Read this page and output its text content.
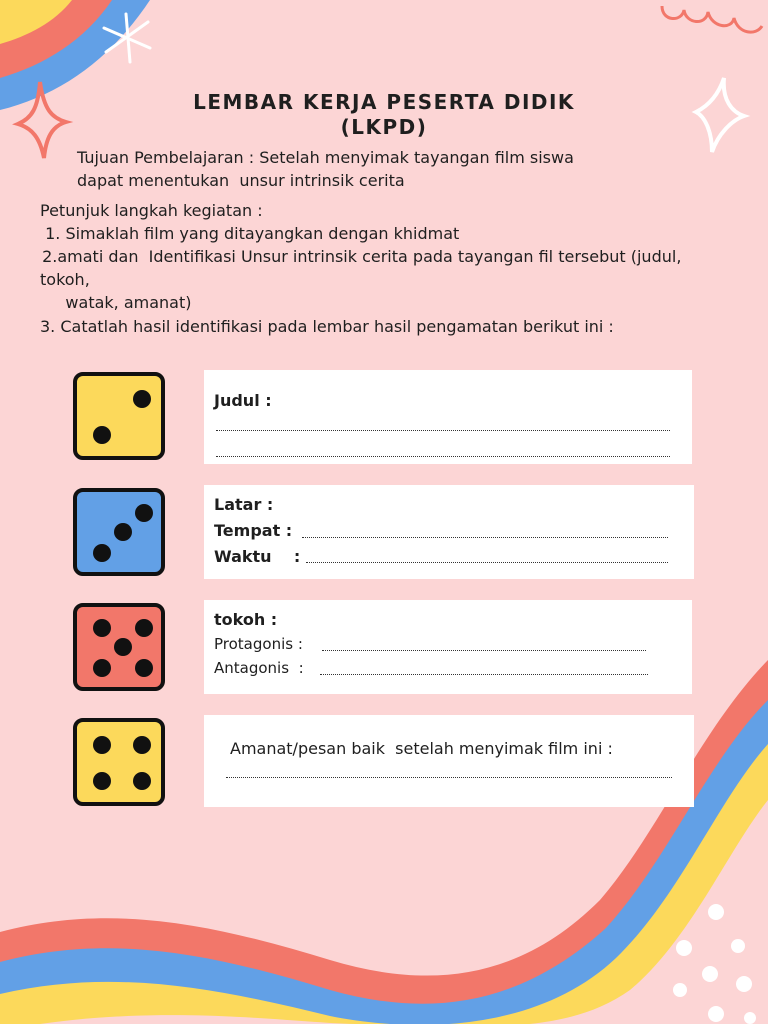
LEMBAR KERJA PESERTA DIDIK
(LKPD)
Tujuan Pembelajaran : Setelah menyimak tayangan film siswa
dapat menentukan  unsur intrinsik cerita
Petunjuk langkah kegiatan :
1. Simaklah film yang ditayangkan dengan khidmat
2.amati dan  Identifikasi Unsur intrinsik cerita pada tayangan fil tersebut (judul,
tokoh,
watak, amanat)
3. Catatlah hasil identifikasi pada lembar hasil pengamatan berikut ini :
Judul :
Latar :
Tempat :
Waktu    :
tokoh :
Protagonis :
Antagonis  :
Amanat/pesan baik  setelah menyimak film ini :
